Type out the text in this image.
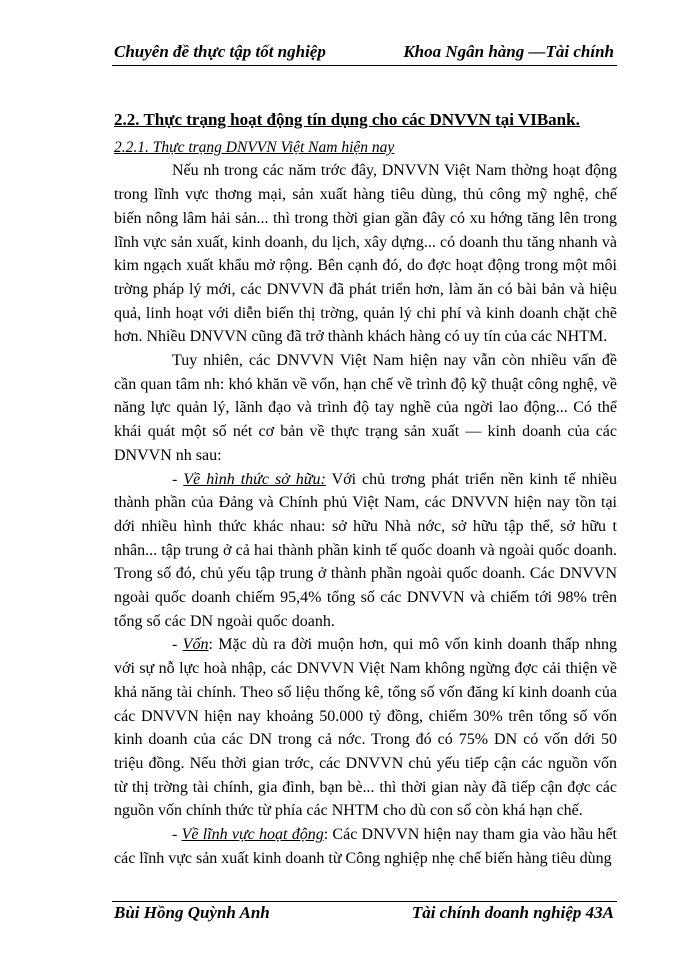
Chuyên đề thực tập tốt nghiệp	Khoa Ngân hàng —Tài chính
2.2. Thực trạng hoạt động tín dụng cho các DNVVN tại VIBank.
2.2.1. Thực trạng DNVVN Việt Nam hiện nay

Nếu nh trong các năm trớc đây, DNVVN Việt Nam thờng hoạt động trong lĩnh vực thơng mại, sản xuất hàng tiêu dùng, thủ công mỹ nghệ, chế biến nông lâm hải sản... thì trong thời gian gần đây có xu hớng tăng lên trong lĩnh vực sản xuất, kinh doanh, du lịch, xây dựng... có doanh thu tăng nhanh và kim ngạch xuất khẩu mở rộng. Bên cạnh đó, do đợc hoạt động trong một môi trờng pháp lý mới, các DNVVN đã phát triển hơn, làm ăn có bài bản và hiệu quả, linh hoạt với diễn biến thị trờng, quản lý chi phí và kinh doanh chặt chẽ hơn. Nhiều DNVVN cũng đã trở thành khách hàng có uy tín của các NHTM.

Tuy nhiên, các DNVVN Việt Nam hiện nay vẫn còn nhiều vấn đề cần quan tâm nh: khó khăn về vốn, hạn chế về trình độ kỹ thuật công nghệ, về năng lực quản lý, lãnh đạo và trình độ tay nghề của ngời lao động... Có thể khái quát một số nét cơ bản về thực trạng sản xuất — kinh doanh của các DNVVN nh sau:

- Về hình thức sở hữu: Với chủ trơng phát triển nền kinh tế nhiều thành phần của Đảng và Chính phủ Việt Nam, các DNVVN hiện nay tồn tại dới nhiều hình thức khác nhau: sở hữu Nhà nớc, sở hữu tập thể, sở hữu t nhân... tập trung ở cả hai thành phần kinh tế quốc doanh và ngoài quốc doanh. Trong số đó, chủ yếu tập trung ở thành phần ngoài quốc doanh. Các DNVVN ngoài quốc doanh chiếm 95,4% tổng số các DNVVN và chiếm tới 98% trên tổng số các DN ngoài quốc doanh.

- Vốn: Mặc dù ra đời muộn hơn, qui mô vốn kinh doanh thấp nhng với sự nỗ lực hoà nhập, các DNVVN Việt Nam không ngừng đợc cải thiện về khả năng tài chính. Theo số liệu thống kê, tổng số vốn đăng kí kinh doanh của các DNVVN hiện nay khoảng 50.000 tỷ đồng, chiếm 30% trên tổng số vốn kinh doanh của các DN trong cả nớc. Trong đó có 75% DN có vốn dới 50 triệu đồng. Nếu thời gian trớc, các DNVVN chủ yếu tiếp cận các nguồn vốn từ thị trờng tài chính, gia đình, bạn bè... thì thời gian này đã tiếp cận đợc các nguồn vốn chính thức từ phía các NHTM cho dù con số còn khá hạn chế.

- Về lĩnh vực hoạt động: Các DNVVN hiện nay tham gia vào hầu hết các lĩnh vực sản xuất kinh doanh từ Công nghiệp nhẹ chế biến hàng tiêu dùng

Bùi Hồng Quỳnh Anh	Tài chính doanh nghiệp 43A
